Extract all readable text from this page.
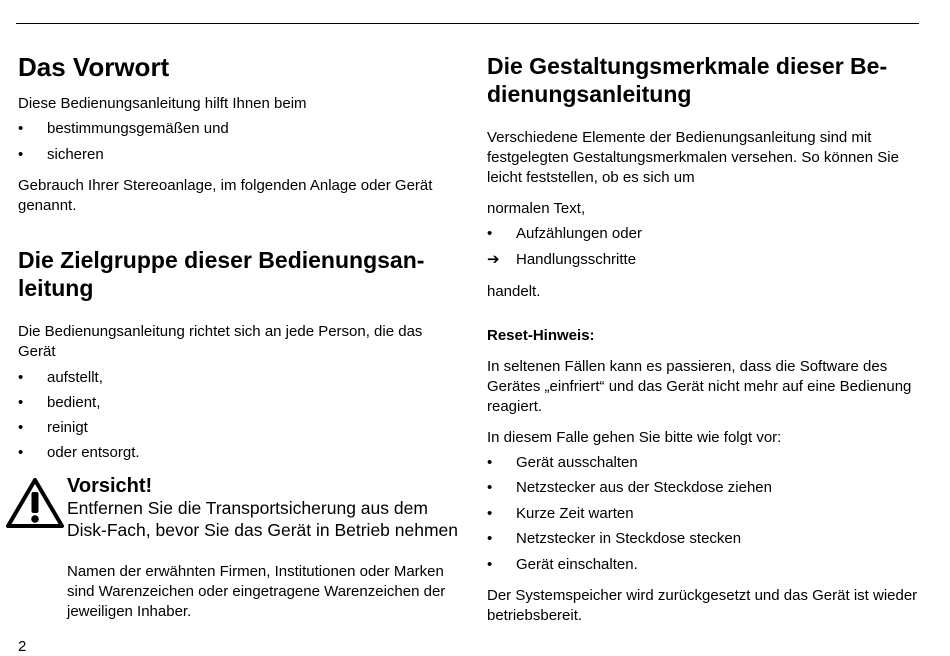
Das Vorwort

Diese Bedienungsanleitung hilft Ihnen beim

•	bestimmungsgemäßen und
•	sicheren

Gebrauch Ihrer Stereoanlage, im folgenden Anlage oder Gerät genannt.

Die Zielgruppe dieser Bedienungsan-leitung

Die Bedienungsanleitung richtet sich an jede Person, die das Gerät

•	aufstellt,
•	bedient,
•	reinigt
•	oder entsorgt.
Vorsicht!
Entfernen Sie die Transportsicherung aus dem
Disk-Fach, bevor Sie das Gerät in Betrieb nehmen

Namen der erwähnten Firmen, Institutionen oder Marken sind Warenzeichen oder eingetragene Warenzeichen der jeweiligen Inhaber.

Die Gestaltungsmerkmale dieser Be-dienungsanleitung

Verschiedene Elemente der Bedienungsanleitung sind mit festgelegten Gestaltungsmerkmalen versehen. So können Sie leicht feststellen, ob es sich um

normalen Text,

•	Aufzählungen oder
➔	Handlungsschritte

handelt.

Reset-Hinweis:

In seltenen Fällen kann es passieren, dass die Software des Gerätes „einfriert“ und das Gerät nicht mehr auf eine Bedienung reagiert.

In diesem Falle gehen Sie bitte wie folgt vor:

•	Gerät ausschalten
•	Netzstecker aus der Steckdose ziehen
•	Kurze Zeit warten
•	Netzstecker in Steckdose stecken
•	Gerät einschalten.

Der Systemspeicher wird zurückgesetzt und das Gerät ist wieder betriebsbereit.

2
